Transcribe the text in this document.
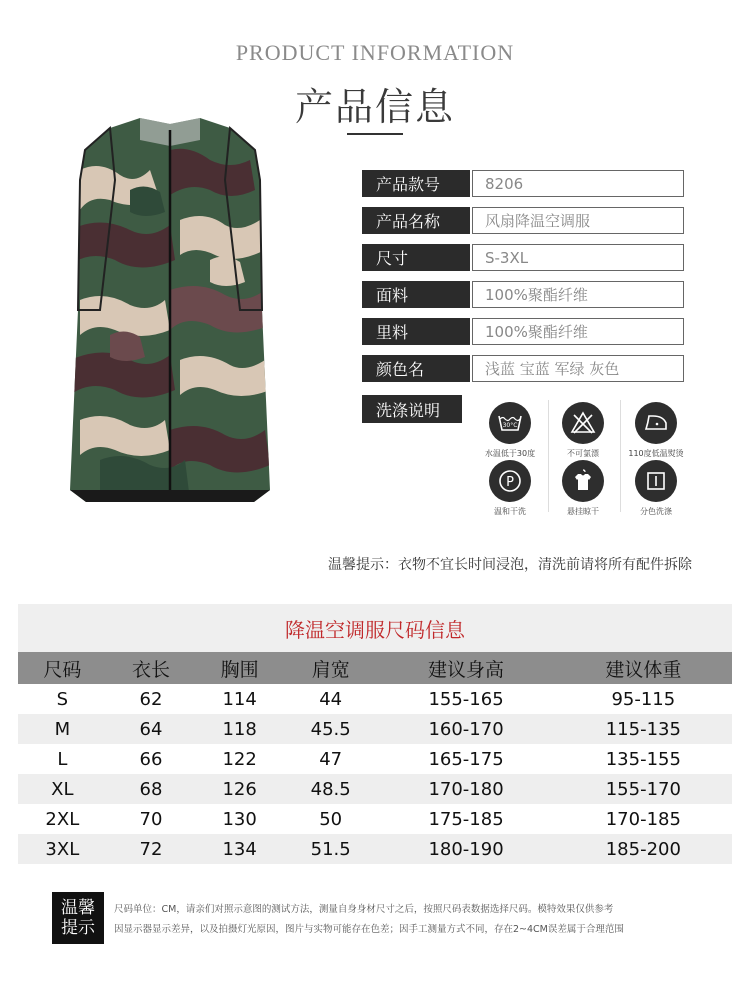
PRODUCT INFORMATION
产品信息
产品款号	8206
产品名称	风扇降温空调服
尺寸	S-3XL
面料	100%聚酯纤维
里料	100%聚酯纤维
颜色名	浅蓝 宝蓝 军绿 灰色
洗涤说明
30°C
水温低于30度	不可氯漂	110度低温熨烫
P
温和干洗	悬挂晾干	分色洗涤
温馨提示：衣物不宜长时间浸泡，清洗前请将所有配件拆除
降温空调服尺码信息
尺码	衣长	胸围	肩宽	建议身高	建议体重
S	62	114	44	155-165	95-115
M	64	118	45.5	160-170	115-135
L	66	122	47	165-175	135-155
XL	68	126	48.5	170-180	155-170
2XL	70	130	50	175-185	170-185
3XL	72	134	51.5	180-190	185-200
温馨
提示
尺码单位：CM，请亲们对照示意图的测试方法，测量自身身材尺寸之后，按照尺码表数据选择尺码。模特效果仅供参考
因显示器显示差异，以及拍摄灯光原因，图片与实物可能存在色差；因手工测量方式不同，存在2~4CM误差属于合理范围
